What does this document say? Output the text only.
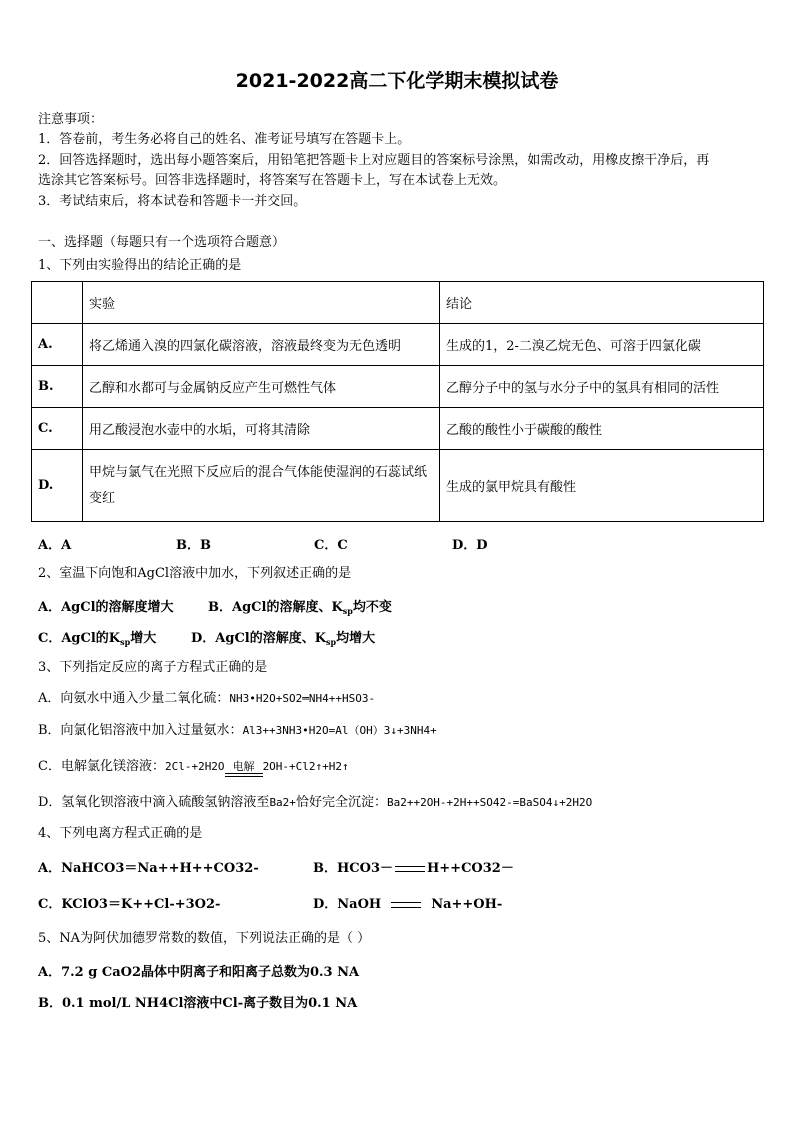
2021-2022高二下化学期末模拟试卷
注意事项：
1．答卷前，考生务必将自己的姓名、准考证号填写在答题卡上。
2．回答选择题时，选出每小题答案后，用铅笔把答题卡上对应题目的答案标号涂黑，如需改动，用橡皮擦干净后，再
选涂其它答案标号。回答非选择题时，将答案写在答题卡上，写在本试卷上无效。
3．考试结束后，将本试卷和答题卡一并交回。
一、选择题（每题只有一个选项符合题意）
1、下列由实验得出的结论正确的是
	实验	结论
A.	将乙烯通入溴的四氯化碳溶液，溶液最终变为无色透明	生成的1，2-二溴乙烷无色、可溶于四氯化碳
B.	乙醇和水都可与金属钠反应产生可燃性气体	乙醇分子中的氢与水分子中的氢具有相同的活性
C.	用乙酸浸泡水壶中的水垢，可将其清除	乙酸的酸性小于碳酸的酸性
D.	甲烷与氯气在光照下反应后的混合气体能使湿润的石蕊试纸变红	生成的氯甲烷具有酸性
A．A	B．B	C．C	D．D
2、室温下向饱和AgCl溶液中加水，下列叙述正确的是
A．AgCl的溶解度增大	B．AgCl的溶解度、$K_{sp}$均不变
C．AgCl的$K_{sp}$增大	D．AgCl的溶解度、$K_{sp}$均增大
3、下列指定反应的离子方程式正确的是
A．向氨水中通入少量二氧化硫：NH3•H2O+SO2═NH4++HSO3-
B．向氯化铝溶液中加入过量氨水：Al3++3NH3•H2O=Al（OH）3↓+3NH4+
C．电解氯化镁溶液：2Cl-+2H2O 电解 2OH-+Cl2↑+H2↑
D．氢氧化钡溶液中滴入硫酸氢钠溶液至Ba2+恰好完全沉淀：Ba2++2OH-+2H++SO42-=BaSO4↓+2H2O
4、下列电离方程式正确的是
A．NaHCO3＝Na++H++CO32-	B．HCO3－	H++CO32－
C．KClO3＝K++Cl-+3O2-	D．NaOH	Na++OH-
5、NA为阿伏加德罗常数的数值，下列说法正确的是（ ）
A．7.2 g CaO2晶体中阴离子和阳离子总数为0.3 NA
B．0.1 mol/L NH4Cl溶液中Cl-离子数目为0.1 NA
